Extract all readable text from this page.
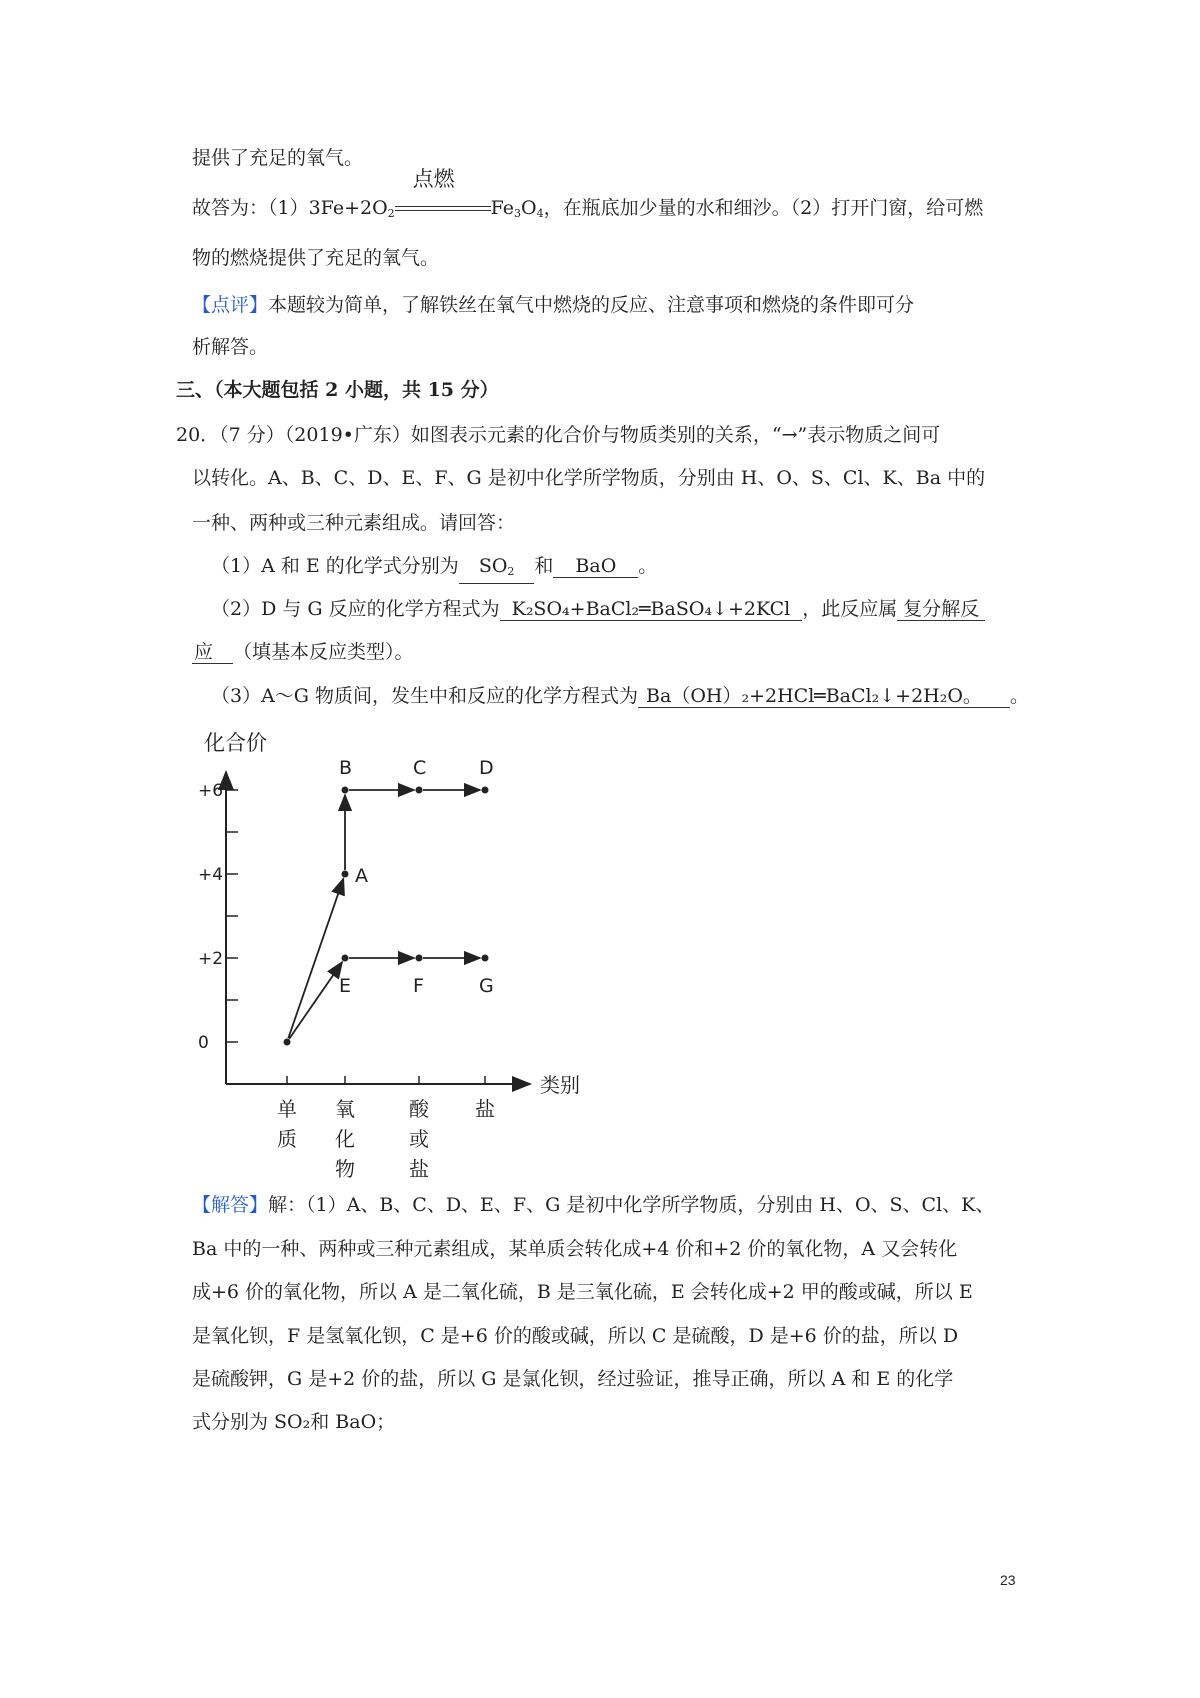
提供了充足的氧气。
故答为：$(1)3Fe+2O_2$
点燃
$Fe_3O_4$，在瓶底加少量的水和细沙。（2）打开门窗，给可燃
物的燃烧提供了充足的氧气。
【点评】本题较为简单，了解铁丝在氧气中燃烧的反应、注意事项和燃烧的条件即可分
析解答。
三、（本大题包括 2 小题，共 15 分）
20．（7 分）（2019•广东）如图表示元素的化合价与物质类别的关系，“→”表示物质之间可
以转化。A、B、C、D、E、F、G 是初中化学所学物质，分别由 H、O、S、Cl、K、Ba 中的
一种、两种或三种元素组成。请回答：
（1）A 和 E 的化学式分别为 $SO_2$ 和 BaO 。
（2）D 与 G 反应的化学方程式为 K₂SO₄+BaCl₂═BaSO₄↓+2KCl ，此反应属 复分解反
应 （填基本反应类型）。
（3）A～G 物质间，发生中和反应的化学方程式为 Ba（OH）₂+2HCl═BaCl₂↓+2H₂O。 。
化合价
类别
+6
+4
+2
0
单
质
氧
化
物
酸
或
盐
盐
A
B	C	D
E	F	G
【解答】解：（1）A、B、C、D、E、F、G 是初中化学所学物质，分别由 H、O、S、Cl、K、
Ba 中的一种、两种或三种元素组成，某单质会转化成+4 价和+2 价的氧化物，A 又会转化
成+6 价的氧化物，所以 A 是二氧化硫，B 是三氧化硫，E 会转化成+2 甲的酸或碱，所以 E
是氧化钡，F 是氢氧化钡，C 是+6 价的酸或碱，所以 C 是硫酸，D 是+6 价的盐，所以 D
是硫酸钾，G 是+2 价的盐，所以 G 是氯化钡，经过验证，推导正确，所以 A 和 E 的化学
式分别为 SO₂和 BaO；
23
